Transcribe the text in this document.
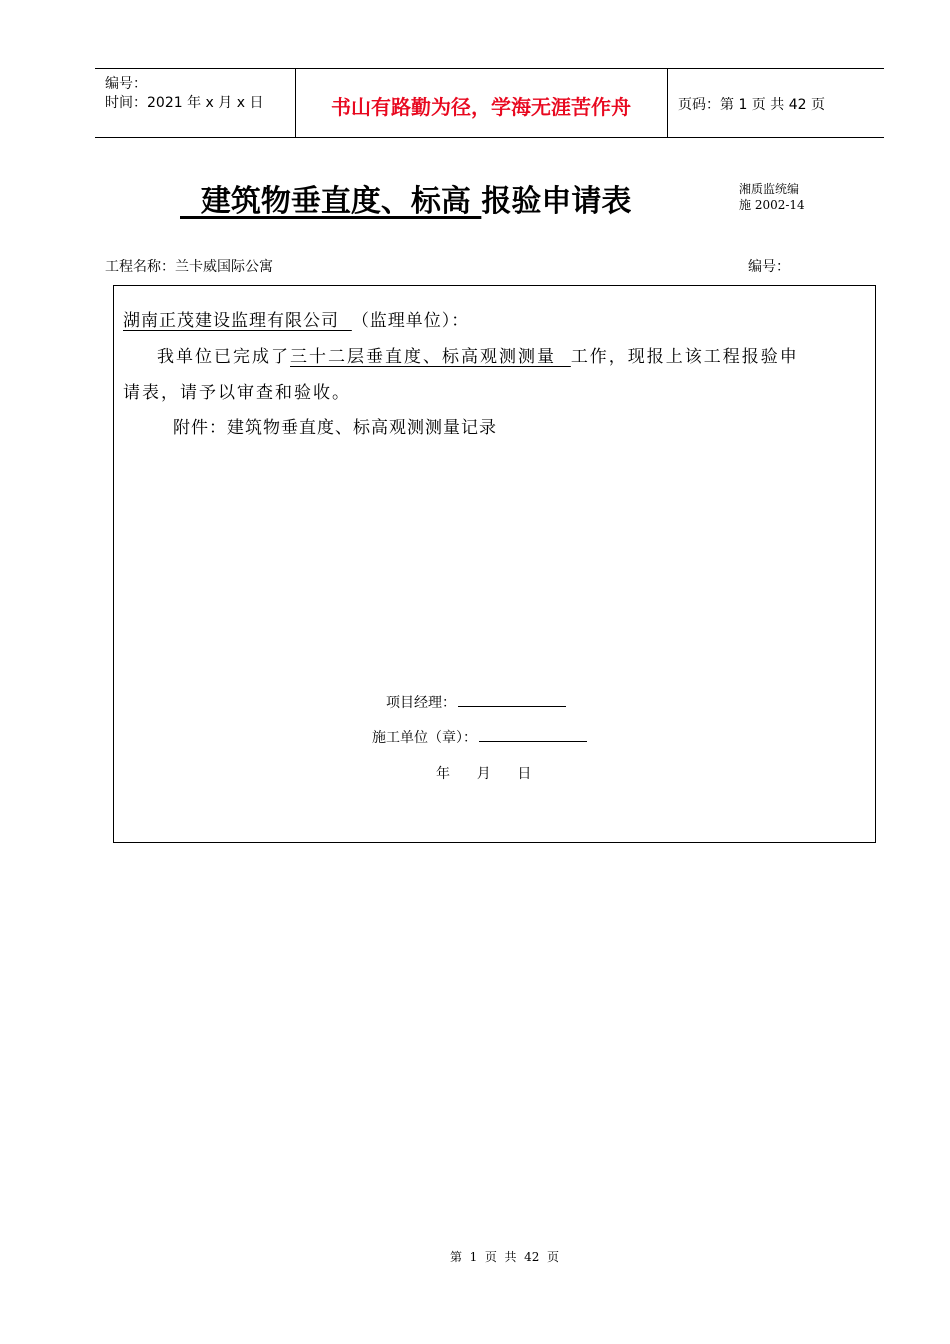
编号：
时间：2021 年 x 月 x 日	书山有路勤为径，学海无涯苦作舟	页码：第 1 页 共 42 页
建筑物垂直度、标高 报验申请表	湘质监统编
施 2002-14
工程名称：兰卡威国际公寓	编号：

湖南正茂建设监理有限公司  （监理单位）：

我单位已完成了三十二层垂直度、标高观测测量  工作，现报上该工程报验申

请表，请予以审查和验收。

附件：建筑物垂直度、标高观测测量记录

项目经理：
施工单位（章）：
年      月      日
第  1  页  共  42  页
